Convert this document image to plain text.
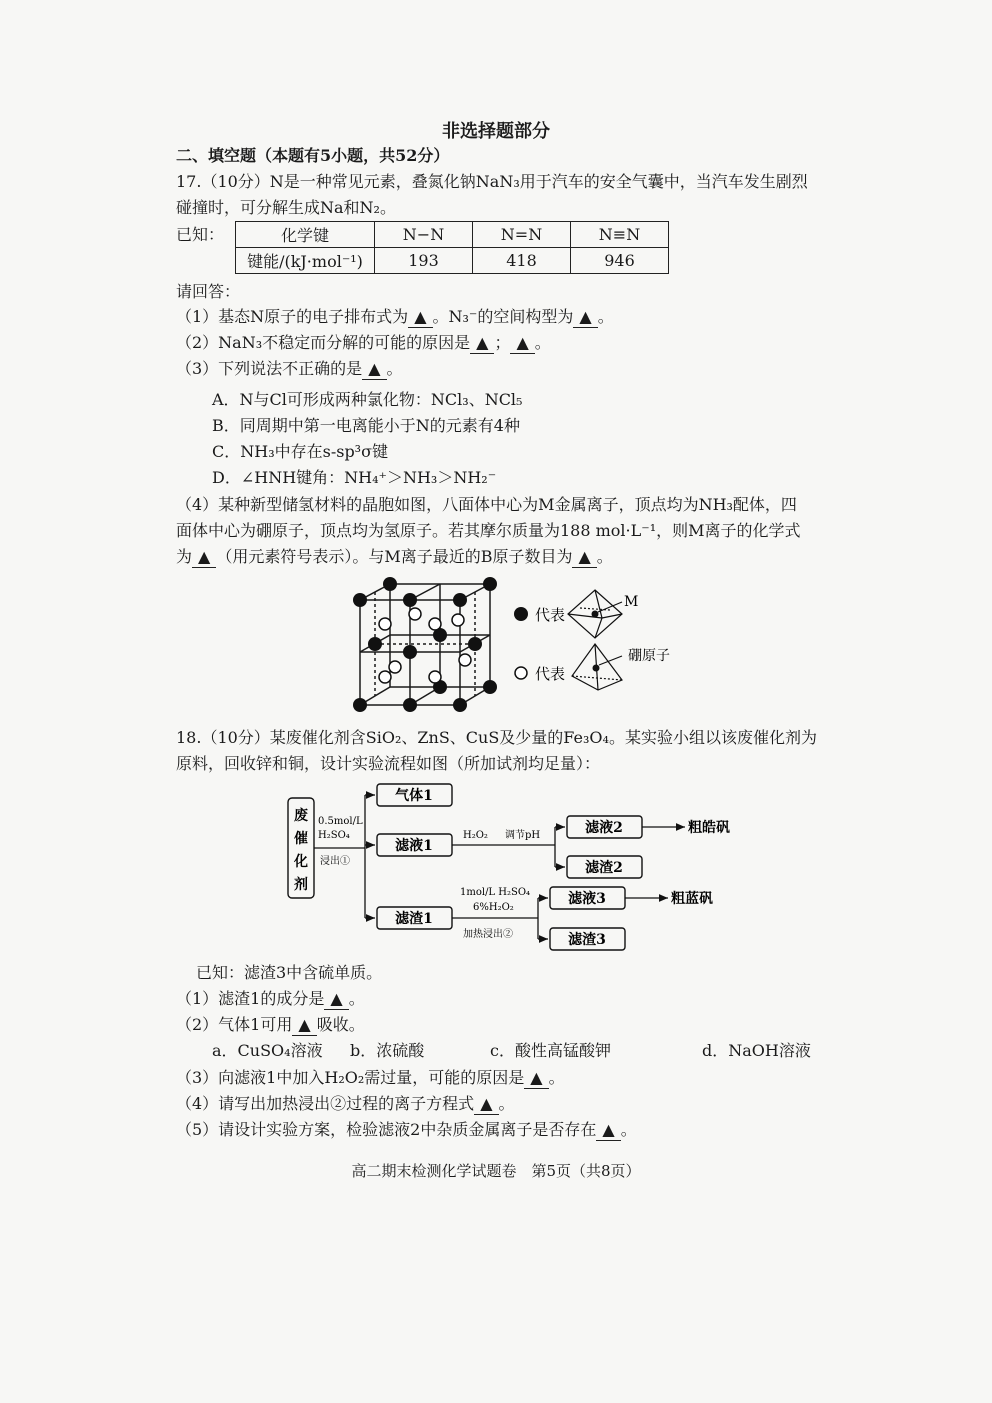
非选择题部分
二、填空题（本题有5小题，共52分）
17.（10分）N是一种常见元素，叠氮化钠NaN₃用于汽车的安全气囊中，当汽车发生剧烈
碰撞时，可分解生成Na和N₂。
已知：	化学键	N−N	N=N	N≡N
键能/(kJ·mol⁻¹)	193	418	946
请回答：
（1）基态N原子的电子排布式为 ▲ 。N₃⁻的空间构型为 ▲ 。
（2）NaN₃不稳定而分解的可能的原因是 ▲ ； ▲ 。
（3）下列说法不正确的是 ▲ 。
A．N与Cl可形成两种氯化物：NCl₃、NCl₅
B．同周期中第一电离能小于N的元素有4种
C．NH₃中存在s-sp³σ键
D．∠HNH键角：NH₄⁺＞NH₃＞NH₂⁻
（4）某种新型储氢材料的晶胞如图，八面体中心为M金属离子，顶点均为NH₃配体，四
面体中心为硼原子，顶点均为氢原子。若其摩尔质量为188 mol·L⁻¹，则M离子的化学式
为 ▲ （用元素符号表示）。与M离子最近的B原子数目为 ▲ 。
代表
M
代表
硼原子
18.（10分）某废催化剂含SiO₂、ZnS、CuS及少量的Fe₃O₄。某实验小组以该废催化剂为
原料，回收锌和铜，设计实验流程如图（所加试剂均足量）：
废
催
化
剂
0.5mol/L
H₂SO₄
浸出①
气体1
滤液1
滤液2
滤渣2
滤渣1
滤液3
滤渣3
H₂O₂ 调节pH
1mol/L H₂SO₄
6%H₂O₂
加热浸出②
粗皓矾
粗蓝矾
已知：滤渣3中含硫单质。
（1）滤渣1的成分是 ▲ 。
（2）气体1可用 ▲ 吸收。
a．CuSO₄溶液 b．浓硫酸	c．酸性高锰酸钾	d．NaOH溶液
（3）向滤液1中加入H₂O₂需过量，可能的原因是 ▲ 。
（4）请写出加热浸出②过程的离子方程式 ▲ 。
（5）请设计实验方案，检验滤液2中杂质金属离子是否存在 ▲ 。
高二期末检测化学试题卷　第5页（共8页）
